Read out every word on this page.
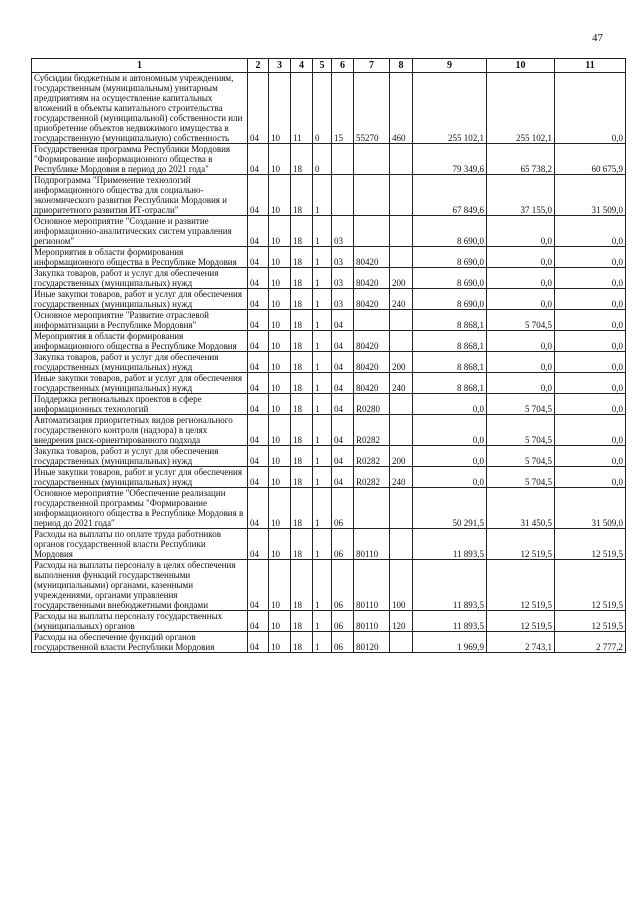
47
1	2	3	4	5	6	7	8	9	10	11
Субсидии бюджетным и автономным учреждениям, государственным (муниципальным) унитарным предприятиям на осуществление капитальных вложений в объекты капитального строительства государственной (муниципальной) собственности или приобретение объектов недвижимого имущества в государственную (муниципальную) собственность	04	10	11	0	15	55270	460	255 102,1	255 102,1	0,0
Государственная программа Республики Мордовия "Формирование информационного общества в Республике Мордовия в период до 2021 года"	04	10	18	0				79 349,6	65 738,2	60 675,9
Подпрограмма "Применение технологий информационного общества для социально-экономического развития Республики Мордовия и приоритетного развития ИТ-отрасли"	04	10	18	1				67 849,6	37 155,0	31 509,0
Основное мероприятие "Создание и развитие информационно-аналитических систем управления регионом"	04	10	18	1	03			8 690,0	0,0	0,0
Мероприятия в области формирования информационного общества в Республике Мордовия	04	10	18	1	03	80420		8 690,0	0,0	0,0
Закупка товаров, работ и услуг для обеспечения государственных (муниципальных) нужд	04	10	18	1	03	80420	200	8 690,0	0,0	0,0
Иные закупки товаров, работ и услуг для обеспечения государственных (муниципальных) нужд	04	10	18	1	03	80420	240	8 690,0	0,0	0,0
Основное мероприятие "Развитие отраслевой информатизации в Республике Мордовия"	04	10	18	1	04			8 868,1	5 704,5	0,0
Мероприятия в области формирования информационного общества в Республике Мордовия	04	10	18	1	04	80420		8 868,1	0,0	0,0
Закупка товаров, работ и услуг для обеспечения государственных (муниципальных) нужд	04	10	18	1	04	80420	200	8 868,1	0,0	0,0
Иные закупки товаров, работ и услуг для обеспечения государственных (муниципальных) нужд	04	10	18	1	04	80420	240	8 868,1	0,0	0,0
Поддержка региональных проектов в сфере информационных технологий	04	10	18	1	04	R0280		0,0	5 704,5	0,0
Автоматизация приоритетных видов регионального государственного контроля (надзора) в целях внедрения риск-ориентированного подхода	04	10	18	1	04	R0282		0,0	5 704,5	0,0
Закупка товаров, работ и услуг для обеспечения государственных (муниципальных) нужд	04	10	18	1	04	R0282	200	0,0	5 704,5	0,0
Иные закупки товаров, работ и услуг для обеспечения государственных (муниципальных) нужд	04	10	18	1	04	R0282	240	0,0	5 704,5	0,0
Основное мероприятие "Обеспечение реализации государственной программы "Формирование информационного общества в Республике Мордовия в период до 2021 года"	04	10	18	1	06			50 291,5	31 450,5	31 509,0
Расходы на выплаты по оплате труда работников органов государственной власти Республики Мордовия	04	10	18	1	06	80110		11 893,5	12 519,5	12 519,5
Расходы на выплаты персоналу в целях обеспечения выполнения функций государственными (муниципальными) органами, казенными учреждениями, органами управления государственными внебюджетными фондами	04	10	18	1	06	80110	100	11 893,5	12 519,5	12 519,5
Расходы на выплаты персоналу государственных (муниципальных) органов	04	10	18	1	06	80110	120	11 893,5	12 519,5	12 519,5
Расходы на обеспечение функций органов государственной власти Республики Мордовия	04	10	18	1	06	80120		1 969,9	2 743,1	2 777,2
